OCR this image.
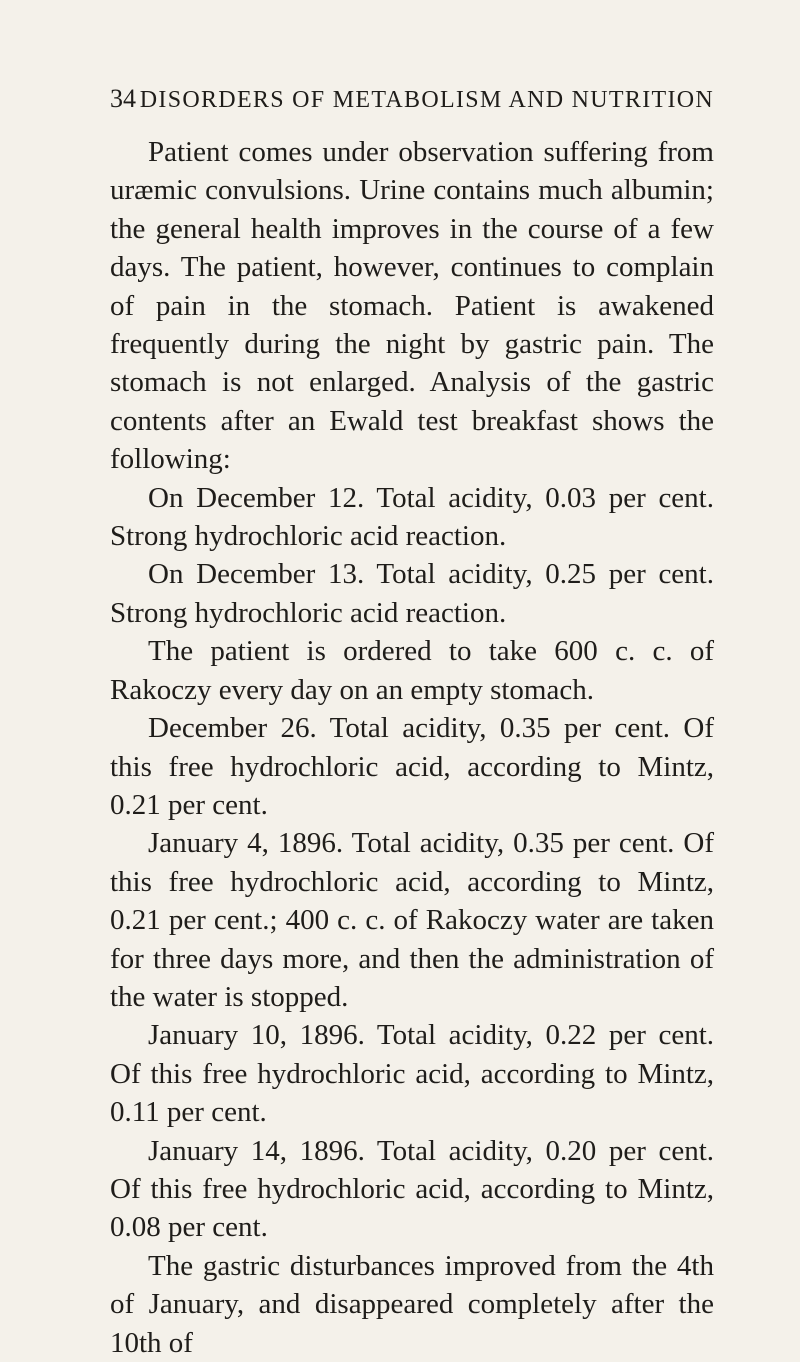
34 DISORDERS OF METABOLISM AND NUTRITION

Patient comes under observation suffering from uræmic convulsions. Urine contains much albumin; the general health improves in the course of a few days. The patient, however, continues to complain of pain in the stomach. Patient is awakened frequently during the night by gastric pain. The stomach is not enlarged. Analysis of the gastric contents after an Ewald test breakfast shows the following:

On December 12. Total acidity, 0.03 per cent. Strong hydrochloric acid reaction.

On December 13. Total acidity, 0.25 per cent. Strong hydrochloric acid reaction.

The patient is ordered to take 600 c. c. of Rakoczy every day on an empty stomach.

December 26. Total acidity, 0.35 per cent. Of this free hydrochloric acid, according to Mintz, 0.21 per cent.

January 4, 1896. Total acidity, 0.35 per cent. Of this free hydrochloric acid, according to Mintz, 0.21 per cent.; 400 c. c. of Rakoczy water are taken for three days more, and then the administration of the water is stopped.

January 10, 1896. Total acidity, 0.22 per cent. Of this free hydrochloric acid, according to Mintz, 0.11 per cent.

January 14, 1896. Total acidity, 0.20 per cent. Of this free hydrochloric acid, according to Mintz, 0.08 per cent.

The gastric disturbances improved from the 4th of January, and disappeared completely after the 10th of
